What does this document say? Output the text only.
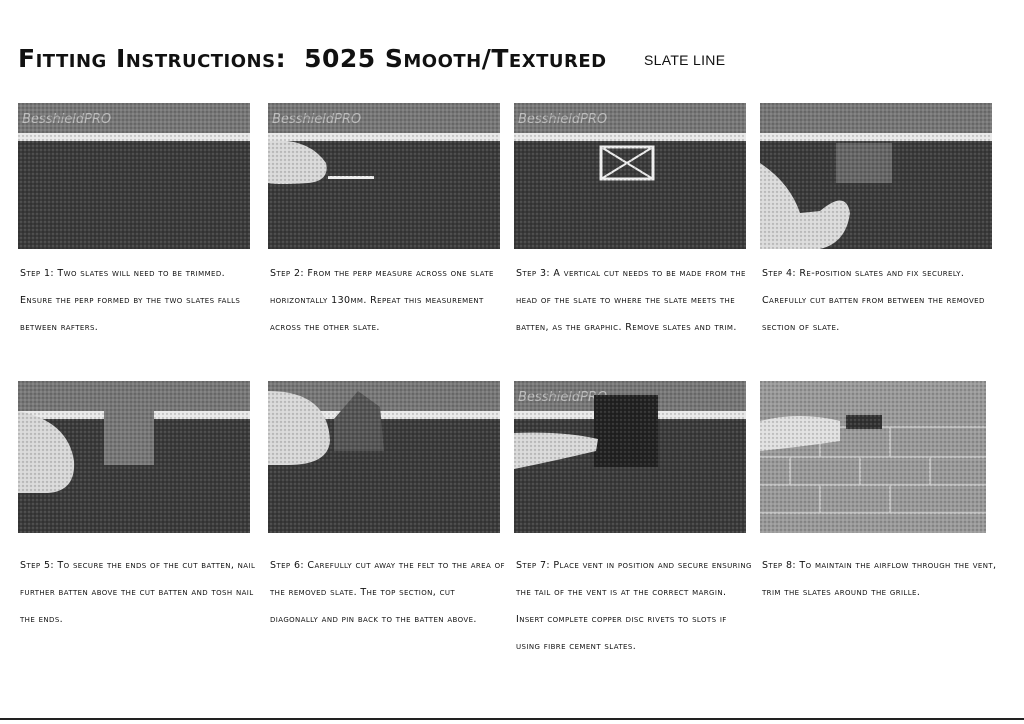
Fitting Instructions: 5025 Smooth/Textured	SLATE LINE
Step 1: Two slates will need to be trimmed. Ensure the perp formed by the two slates falls between rafters.
Step 2: From the perp measure across one slate horizontally 130mm. Repeat this measurement across the other slate.
Step 3: A vertical cut needs to be made from the head of the slate to where the slate meets the batten, as the graphic. Remove slates and trim.
Step 4: Re-position slates and fix securely. Carefully cut batten from between the removed section of slate.
Step 5: To secure the ends of the cut batten, nail further batten above the cut batten and tosh nail the ends.
Step 6: Carefully cut away the felt to the area of the removed slate. The top section, cut diagonally and pin back to the batten above.
Step 7: Place vent in position and secure ensuring the tail of the vent is at the correct margin. Insert complete copper disc rivets to slots if using fibre cement slates.
Step 8: To maintain the airflow through the vent, trim the slates around the grille.
